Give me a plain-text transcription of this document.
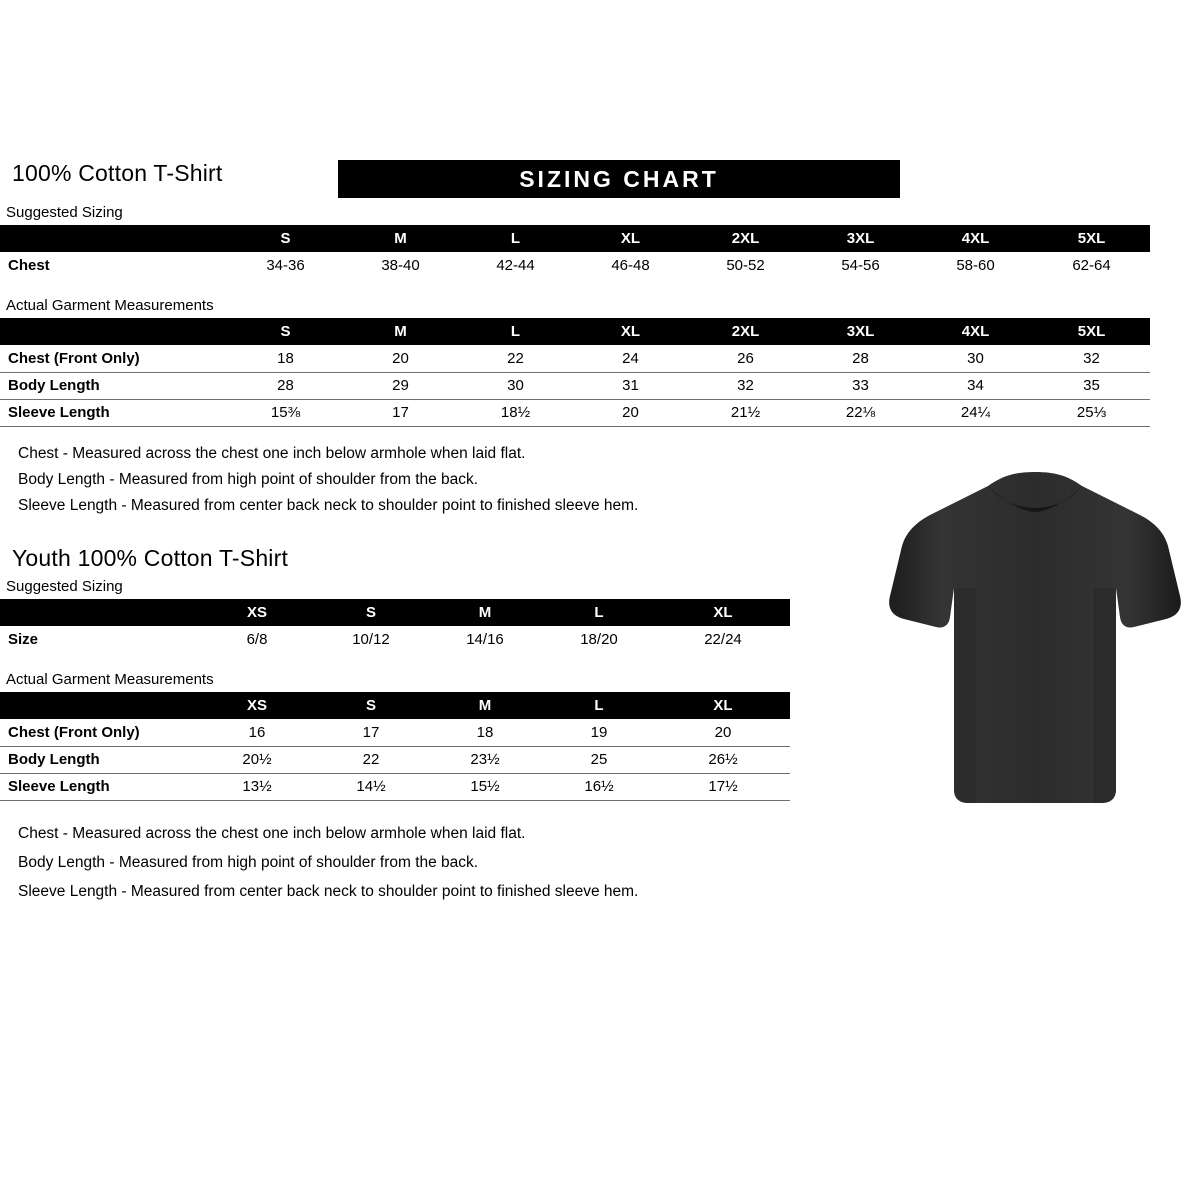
100% Cotton T-Shirt	SIZING CHART
Suggested Sizing
	S	M	L	XL	2XL	3XL	4XL	5XL
Chest	34-36	38-40	42-44	46-48	50-52	54-56	58-60	62-64
Actual Garment Measurements
	S	M	L	XL	2XL	3XL	4XL	5XL
Chest (Front Only)	18	20	22	24	26	28	30	32
Body Length	28	29	30	31	32	33	34	35
Sleeve Length	15⅜	17	18½	20	21½	22⅛	24¼	25⅓
Chest - Measured across the chest one inch below armhole when laid flat.
Body Length - Measured from high point of shoulder from the back.
Sleeve Length - Measured from center back neck to shoulder point to finished sleeve hem.
Youth 100% Cotton T-Shirt
Suggested Sizing
	XS	S	M	L	XL
Size	6/8	10/12	14/16	18/20	22/24
Actual Garment Measurements
	XS	S	M	L	XL
Chest (Front Only)	16	17	18	19	20
Body Length	20½	22	23½	25	26½
Sleeve Length	13½	14½	15½	16½	17½
Chest - Measured across the chest one inch below armhole when laid flat.
Body Length - Measured from high point of shoulder from the back.
Sleeve Length - Measured from center back neck to shoulder point to finished sleeve hem.
